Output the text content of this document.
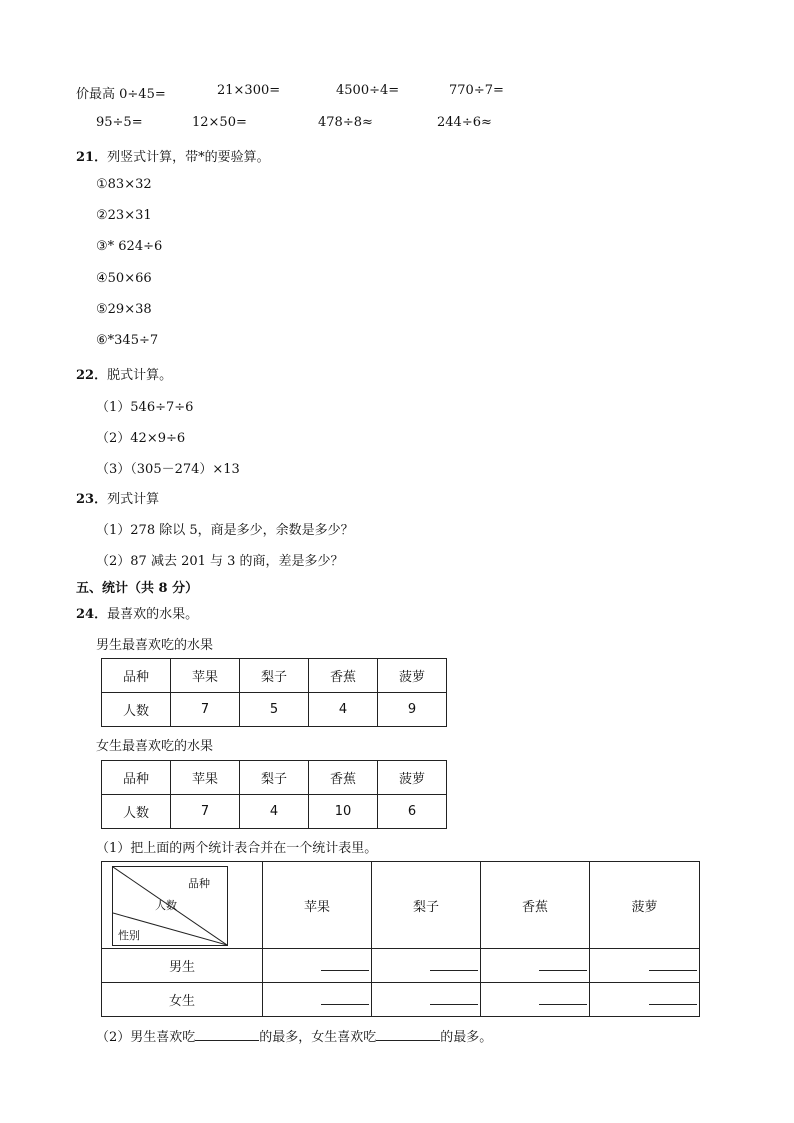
价最高 0÷45=	21×300=	4500÷4=	770÷7=
95÷5=	12×50=	478÷8≈	244÷6≈
21．列竖式计算，带*的要验算。
①83×32
②23×31
③* 624÷6
④50×66
⑤29×38
⑥*345÷7
22．脱式计算。
（1）546÷7÷6
（2）42×9÷6
（3）（305－274）×13
23．列式计算
（1）278 除以 5，商是多少，余数是多少？
（2）87 减去 201 与 3 的商，差是多少？
五、统计（共 8 分）
24．最喜欢的水果。
男生最喜欢吃的水果
品种	苹果	梨子	香蕉	菠萝
人数	7	5	4	9
女生最喜欢吃的水果
品种	苹果	梨子	香蕉	菠萝
人数	7	4	10	6
（1）把上面的两个统计表合并在一个统计表里。
品种
人数
性别	苹果	梨子	香蕉	菠萝
男生				
女生				
（2）男生喜欢吃	的最多，女生喜欢吃	的最多。
